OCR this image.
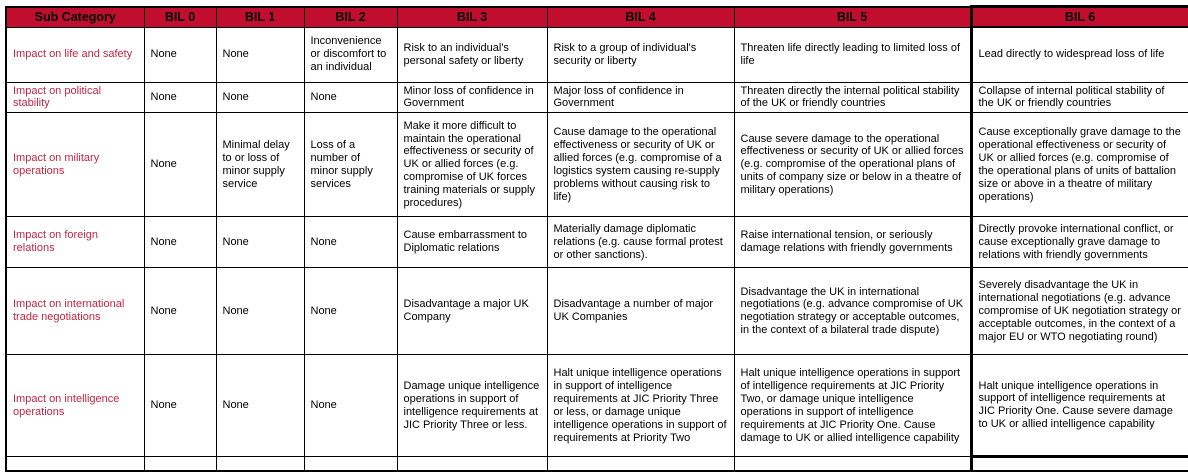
Sub Category	BIL 0	BIL 1	BIL 2	BIL 3	BIL 4	BIL 5	BIL 6
Impact on life and safety	None	None	Inconvenience or discomfort to an individual	Risk to an individual's personal safety or liberty	Risk to a group of individual's security or liberty	Threaten life directly leading to limited loss of life	Lead directly to widespread loss of life
Impact on political stability	None	None	None	Minor loss of confidence in Government	Major loss of confidence in Government	Threaten directly the internal political stability of the UK or friendly countries	Collapse of internal political stability of the UK or friendly countries
Impact on military operations	None	Minimal delay to or loss of minor supply service	Loss of a number of minor supply services	Make it more difficult to maintain the operational effectiveness or security of UK or allied forces (e.g. compromise of UK forces training materials or supply procedures)	Cause damage to the operational effectiveness or security of UK or allied forces (e.g. compromise of a logistics system causing re-supply problems without causing risk to life)	Cause severe damage to the operational effectiveness or security of UK or allied forces (e.g. compromise of the operational plans of units of company size or below in a theatre of military operations)	Cause exceptionally grave damage to the operational effectiveness or security of UK or allied forces (e.g. compromise of the operational plans of units of battalion size or above in a theatre of military operations)
Impact on foreign relations	None	None	None	Cause embarrassment to Diplomatic relations	Materially damage diplomatic relations (e.g. cause formal protest or other sanctions).	Raise international tension, or seriously damage relations with friendly governments	Directly provoke international conflict, or cause exceptionally grave damage to relations with friendly governments
Impact on international trade negotiations	None	None	None	Disadvantage a major UK Company	Disadvantage a number of major UK Companies	Disadvantage the UK in international negotiations (e.g. advance compromise of UK negotiation strategy or acceptable outcomes, in the context of a bilateral trade dispute)	Severely disadvantage the UK in international negotiations (e.g. advance compromise of UK negotiation strategy or acceptable outcomes, in the context of a major EU or WTO negotiating round)
Impact on intelligence operations	None	None	None	Damage unique intelligence operations in support of intelligence requirements at JIC Priority Three or less.	Halt unique intelligence operations in support of intelligence requirements at JIC Priority Three or less, or damage unique intelligence operations in support of requirements at Priority Two	Halt unique intelligence operations in support of intelligence requirements at JIC Priority Two, or damage unique intelligence operations in support of intelligence requirements at JIC Priority One. Cause damage to UK or allied intelligence capability	Halt unique intelligence operations in support of intelligence requirements at JIC Priority One. Cause severe damage to UK or allied intelligence capability
